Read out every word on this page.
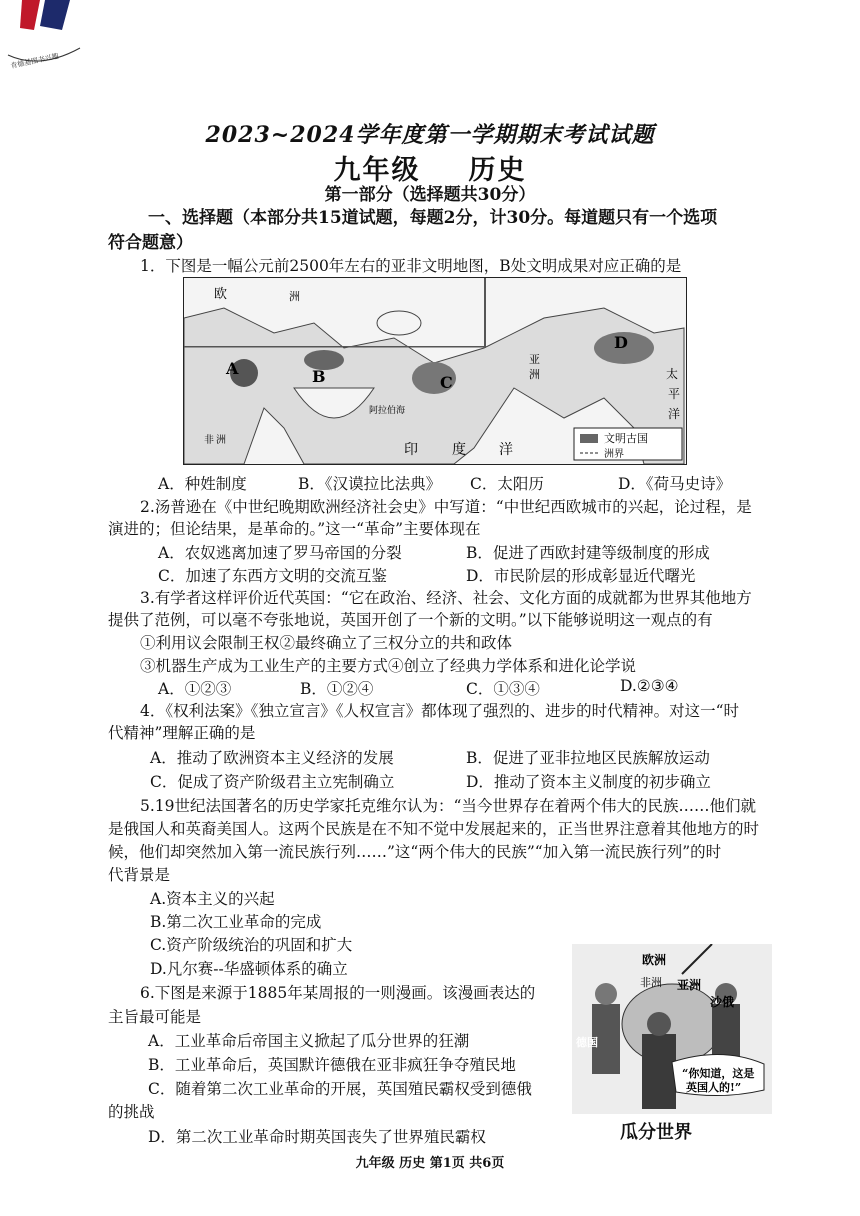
肯德基图书兴趣
2023~2024学年度第一学期期末考试试题
九年级 历史
第一部分（选择题共30分）
一、选择题（本部分共15道试题，每题2分，计30分。每道题只有一个选项
符合题意）
1．下图是一幅公元前2500年左右的亚非文明地图，B处文明成果对应正确的是
欧	洲
A	B	C
D
阿拉伯海
印 度 洋
太
平
洋
亚
洲
非 洲	文明古国
洲界
A．种姓制度	B．《汉谟拉比法典》 C．太阳历	D．《荷马史诗》
2.汤普逊在《中世纪晚期欧洲经济社会史》中写道：“中世纪西欧城市的兴起，论过程，是
演进的；但论结果，是革命的。”这一“革命”主要体现在
A．农奴逃离加速了罗马帝国的分裂	B．促进了西欧封建等级制度的形成
C．加速了东西方文明的交流互鉴	D．市民阶层的形成彰显近代曙光
3.有学者这样评价近代英国：“它在政治、经济、社会、文化方面的成就都为世界其他地方
提供了范例，可以毫不夸张地说，英国开创了一个新的文明。”以下能够说明这一观点的有
①利用议会限制王权②最终确立了三权分立的共和政体
③机器生产成为工业生产的主要方式④创立了经典力学体系和进化论学说
A．①②③	B．①②④	C．①③④	D.②③④
4．《权利法案》《独立宣言》《人权宣言》都体现了强烈的、进步的时代精神。对这一“时
代精神”理解正确的是
A．推动了欧洲资本主义经济的发展	B．促进了亚非拉地区民族解放运动
C．促成了资产阶级君主立宪制确立	D．推动了资本主义制度的初步确立
5.19世纪法国著名的历史学家托克维尔认为：“当今世界存在着两个伟大的民族……他们就
是俄国人和英裔美国人。这两个民族是在不知不觉中发展起来的，正当世界注意着其他地方的时
候，他们却突然加入第一流民族行列……”这“两个伟大的民族”“加入第一流民族行列”的时
代背景是
A.资本主义的兴起
B.第二次工业革命的完成
C.资产阶级统治的巩固和扩大
D.凡尔赛--华盛顿体系的确立
6.下图是来源于1885年某周报的一则漫画。该漫画表达的
主旨最可能是
A．工业革命后帝国主义掀起了瓜分世界的狂潮
B．工业革命后，英国默许德俄在亚非疯狂争夺殖民地
C．随着第二次工业革命的开展，英国殖民霸权受到德俄
的挑战
D．第二次工业革命时期英国丧失了世界殖民霸权
欧洲
非洲 亚洲
德国
沙俄
“你知道，这是
英国人的!”
瓜分世界
九年级 历史 第1页 共6页
